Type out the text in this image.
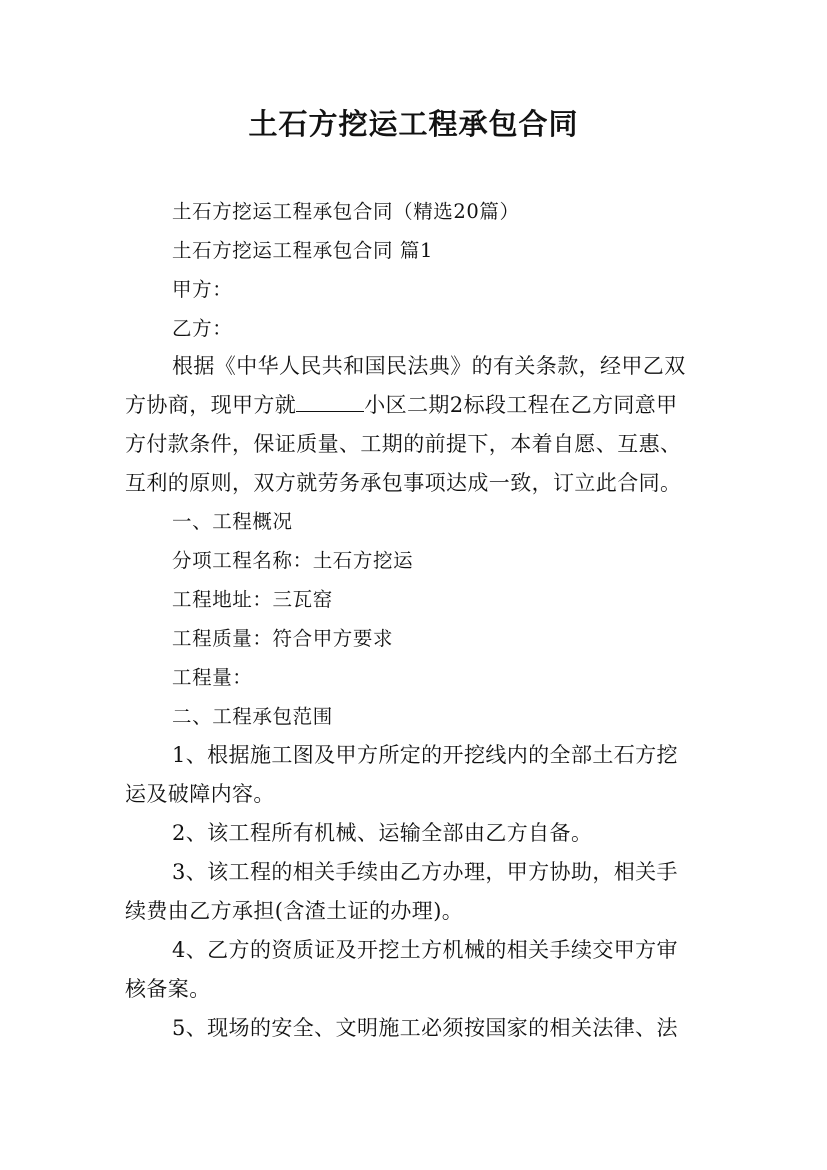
土石方挖运工程承包合同

土石方挖运工程承包合同（精选20篇）

土石方挖运工程承包合同 篇1

甲方：

乙方：

根据《中华人民共和国民法典》的有关条款，经甲乙双

方协商，现甲方就	小区二期2标段工程在乙方同意甲

方付款条件，保证质量、工期的前提下，本着自愿、互惠、

互利的原则，双方就劳务承包事项达成一致，订立此合同。

一、工程概况

分项工程名称：土石方挖运

工程地址：三瓦窑

工程质量：符合甲方要求

工程量：

二、工程承包范围

1、根据施工图及甲方所定的开挖线内的全部土石方挖

运及破障内容。

2、该工程所有机械、运输全部由乙方自备。

3、该工程的相关手续由乙方办理，甲方协助，相关手

续费由乙方承担(含渣土证的办理)。

4、乙方的资质证及开挖土方机械的相关手续交甲方审

核备案。

5、现场的安全、文明施工必须按国家的相关法律、法
